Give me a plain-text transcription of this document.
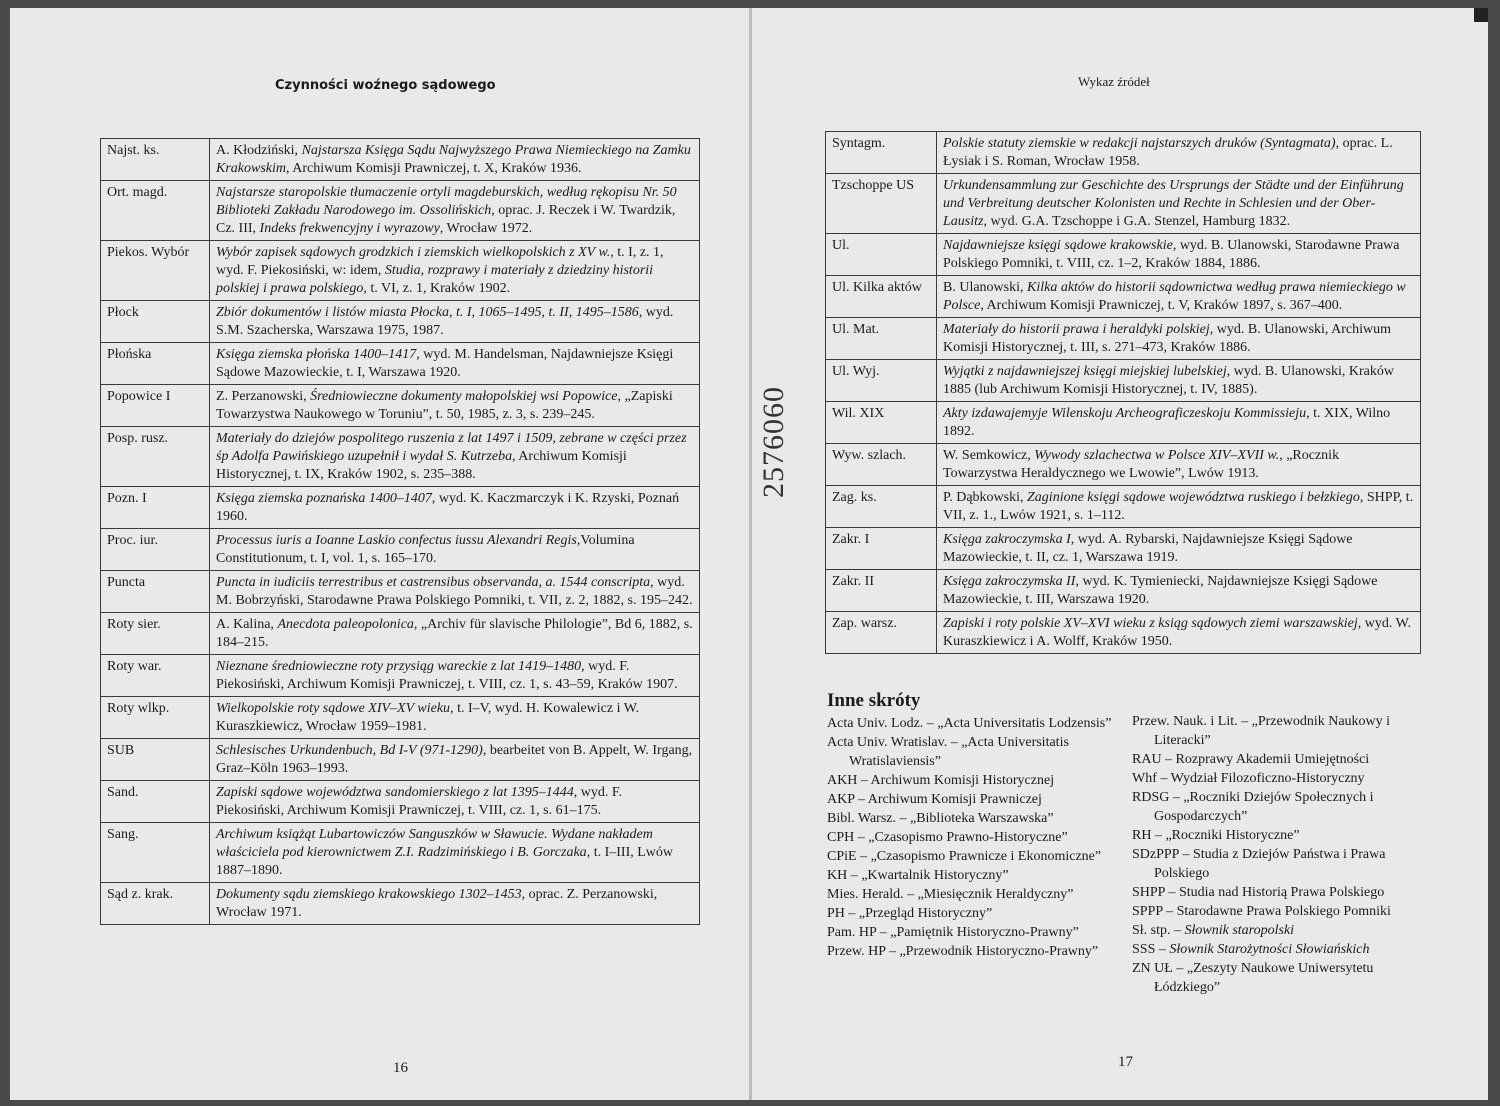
Czynności woźnego sądowego
Najst. ks.	A. Kłodziński, Najstarsza Księga Sądu Najwyższego Prawa Niemieckiego na Zamku Krakowskim, Archiwum Komisji Prawniczej, t. X, Kraków 1936.
Ort. magd.	Najstarsze staropolskie tłumaczenie ortyli magdeburskich, według rękopisu Nr. 50 Biblioteki Zakładu Narodowego im. Ossolińskich, oprac. J. Reczek i W. Twardzik, Cz. III, Indeks frekwencyjny i wyrazowy, Wrocław 1972.
Piekos. Wybór	Wybór zapisek sądowych grodzkich i ziemskich wielkopolskich z XV w., t. I, z. 1, wyd. F. Piekosiński, w: idem, Studia, rozprawy i materiały z dziedziny historii polskiej i prawa polskiego, t. VI, z. 1, Kraków 1902.
Płock	Zbiór dokumentów i listów miasta Płocka, t. I, 1065–1495, t. II, 1495–1586, wyd. S.M. Szacherska, Warszawa 1975, 1987.
Płońska	Księga ziemska płońska 1400–1417, wyd. M. Handelsman, Najdawniejsze Księgi Sądowe Mazowieckie, t. I, Warszawa 1920.
Popowice I	Z. Perzanowski, Średniowieczne dokumenty małopolskiej wsi Popowice, „Zapiski Towarzystwa Naukowego w Toruniu”, t. 50, 1985, z. 3, s. 239–245.
Posp. rusz.	Materiały do dziejów pospolitego ruszenia z lat 1497 i 1509, zebrane w części przez śp Adolfa Pawińskiego uzupełnił i wydał S. Kutrzeba, Archiwum Komisji Historycznej, t. IX, Kraków 1902, s. 235–388.
Pozn. I	Księga ziemska poznańska 1400–1407, wyd. K. Kaczmarczyk i K. Rzyski, Poznań 1960.
Proc. iur.	Processus iuris a Ioanne Laskio confectus iussu Alexandri Regis,Volumina Constitutionum, t. I, vol. 1, s. 165–170.
Puncta	Puncta in iudiciis terrestribus et castrensibus observanda, a. 1544 conscripta, wyd. M. Bobrzyński, Starodawne Prawa Polskiego Pomniki, t. VII, z. 2, 1882, s. 195–242.
Roty sier.	A. Kalina, Anecdota paleopolonica, „Archiv für slavische Philologie”, Bd 6, 1882, s. 184–215.
Roty war.	Nieznane średniowieczne roty przysiąg wareckie z lat 1419–1480, wyd. F. Piekosiński, Archiwum Komisji Prawniczej, t. VIII, cz. 1, s. 43–59, Kraków 1907.
Roty wlkp.	Wielkopolskie roty sądowe XIV–XV wieku, t. I–V, wyd. H. Kowalewicz i W. Kuraszkiewicz, Wrocław 1959–1981.
SUB	Schlesisches Urkundenbuch, Bd I-V (971-1290), bearbeitet von B. Appelt, W. Irgang, Graz–Köln 1963–1993.
Sand.	Zapiski sądowe województwa sandomierskiego z lat 1395–1444, wyd. F. Piekosiński, Archiwum Komisji Prawniczej, t. VIII, cz. 1, s. 61–175.
Sang.	Archiwum książąt Lubartowiczów Sanguszków w Sławucie. Wydane nakładem właściciela pod kierownictwem Z.I. Radzimińskiego i B. Gorczaka, t. I–III, Lwów 1887–1890.
Sąd z. krak.	Dokumenty sądu ziemskiego krakowskiego 1302–1453, oprac. Z. Perzanowski, Wrocław 1971.
16
Wykaz źródeł
Syntagm.	Polskie statuty ziemskie w redakcji najstarszych druków (Syntagmata), oprac. L. Łysiak i S. Roman, Wrocław 1958.
Tzschoppe US	Urkundensammlung zur Geschichte des Ursprungs der Städte und der Einführung und Verbreitung deutscher Kolonisten und Rechte in Schlesien und der Ober-Lausitz, wyd. G.A. Tzschoppe i G.A. Stenzel, Hamburg 1832.
Ul.	Najdawniejsze księgi sądowe krakowskie, wyd. B. Ulanowski, Starodawne Prawa Polskiego Pomniki, t. VIII, cz. 1–2, Kraków 1884, 1886.
Ul. Kilka aktów	B. Ulanowski, Kilka aktów do historii sądownictwa według prawa niemieckiego w Polsce, Archiwum Komisji Prawniczej, t. V, Kraków 1897, s. 367–400.
Ul. Mat.	Materiały do historii prawa i heraldyki polskiej, wyd. B. Ulanowski, Archiwum Komisji Historycznej, t. III, s. 271–473, Kraków 1886.
Ul. Wyj.	Wyjątki z najdawniejszej księgi miejskiej lubelskiej, wyd. B. Ulanowski, Kraków 1885 (lub Archiwum Komisji Historycznej, t. IV, 1885).
Wil. XIX	Akty izdawajemyje Wilenskoju Archeograficzeskoju Kommissieju, t. XIX, Wilno 1892.
Wyw. szlach.	W. Semkowicz, Wywody szlachectwa w Polsce XIV–XVII w., „Rocznik Towarzystwa Heraldycznego we Lwowie”, Lwów 1913.
Zag. ks.	P. Dąbkowski, Zaginione księgi sądowe województwa ruskiego i bełzkiego, SHPP, t. VII, z. 1., Lwów 1921, s. 1–112.
Zakr. I	Księga zakroczymska I, wyd. A. Rybarski, Najdawniejsze Księgi Sądowe Mazowieckie, t. II, cz. 1, Warszawa 1919.
Zakr. II	Księga zakroczymska II, wyd. K. Tymieniecki, Najdawniejsze Księgi Sądowe Mazowieckie, t. III, Warszawa 1920.
Zap. warsz.	Zapiski i roty polskie XV–XVI wieku z ksiąg sądowych ziemi warszawskiej, wyd. W. Kuraszkiewicz i A. Wolff, Kraków 1950.
2576060
Inne skróty
Acta Univ. Lodz. – „Acta Universitatis Lodzensis”
Acta Univ. Wratislav. – „Acta Universitatis Wratislaviensis”
AKH – Archiwum Komisji Historycznej
AKP – Archiwum Komisji Prawniczej
Bibl. Warsz. – „Biblioteka Warszawska”
CPH – „Czasopismo Prawno-Historyczne”
CPiE – „Czasopismo Prawnicze i Ekonomiczne”
KH – „Kwartalnik Historyczny”
Mies. Herald. – „Miesięcznik Heraldyczny”
PH – „Przegląd Historyczny”
Pam. HP – „Pamiętnik Historyczno-Prawny”
Przew. HP – „Przewodnik Historyczno-Prawny”
Przew. Nauk. i Lit. – „Przewodnik Naukowy i Literacki”
RAU – Rozprawy Akademii Umiejętności
Whf – Wydział Filozoficzno-Historyczny
RDSG – „Roczniki Dziejów Społecznych i Gospodarczych”
RH – „Roczniki Historyczne”
SDzPPP – Studia z Dziejów Państwa i Prawa Polskiego
SHPP – Studia nad Historią Prawa Polskiego
SPPP – Starodawne Prawa Polskiego Pomniki
Sł. stp. – Słownik staropolski
SSS – Słownik Starożytności Słowiańskich
ZN UŁ – „Zeszyty Naukowe Uniwersytetu Łódzkiego”
17
